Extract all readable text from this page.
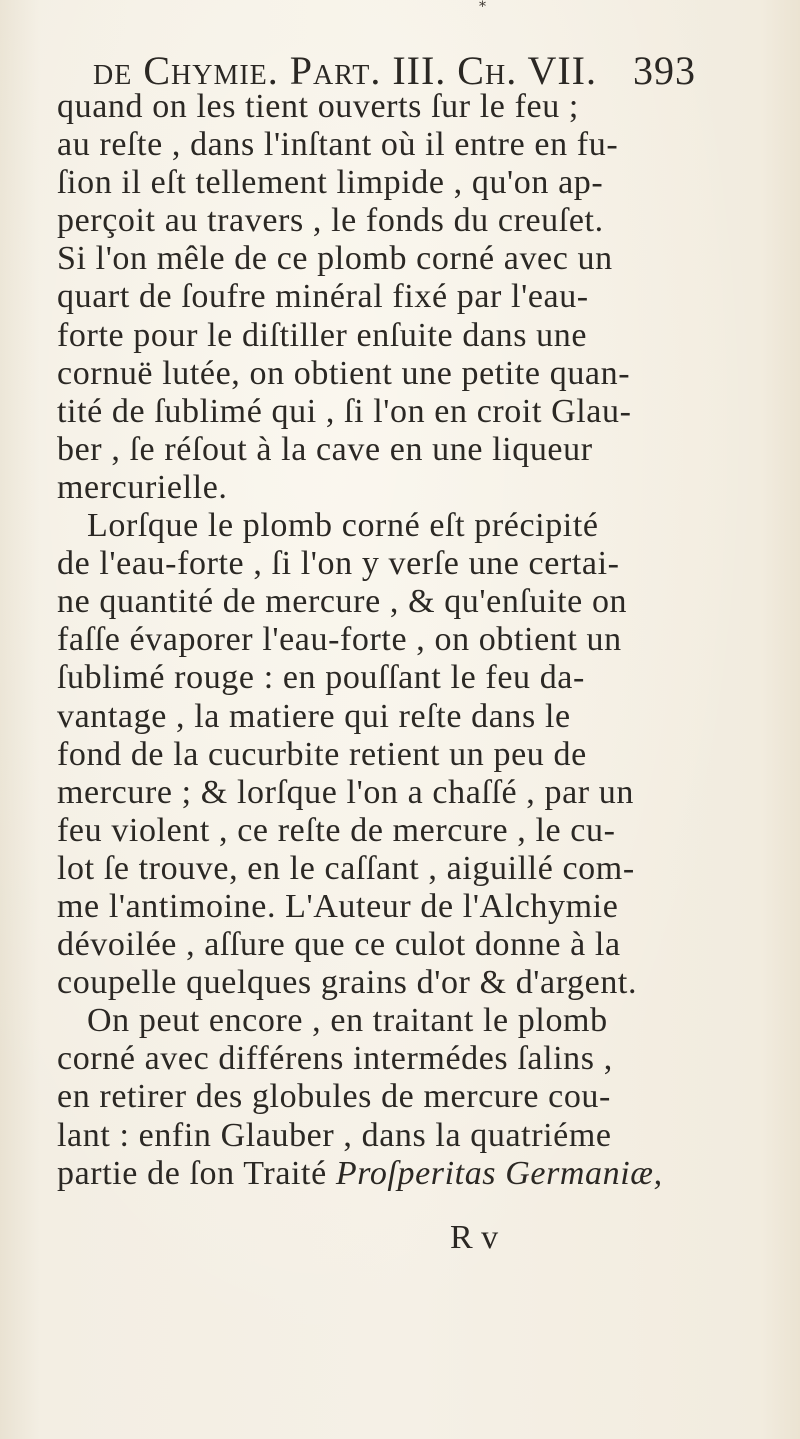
*
de Chymie. Part. III. Ch. VII. 393
quand on les tient ouverts ſur le feu ;
au reſte , dans l'inſtant où il entre en fu-
ſion il eſt tellement limpide , qu'on ap-
perçoit au travers , le fonds du creuſet.
Si l'on mêle de ce plomb corné avec un
quart de ſoufre minéral fixé par l'eau-
forte pour le diſtiller enſuite dans une
cornuë lutée, on obtient une petite quan-
tité de ſublimé qui , ſi l'on en croit Glau-
ber , ſe réſout à la cave en une liqueur
mercurielle.
Lorſque le plomb corné eſt précipité
de l'eau-forte , ſi l'on y verſe une certai-
ne quantité de mercure , & qu'enſuite on
faſſe évaporer l'eau-forte , on obtient un
ſublimé rouge : en pouſſant le feu da-
vantage , la matiere qui reſte dans le
fond de la cucurbite retient un peu de
mercure ; & lorſque l'on a chaſſé , par un
feu violent , ce reſte de mercure , le cu-
lot ſe trouve, en le caſſant , aiguillé com-
me l'antimoine. L'Auteur de l'Alchymie
dévoilée , aſſure que ce culot donne à la
coupelle quelques grains d'or & d'argent.
On peut encore , en traitant le plomb
corné avec différens intermédes ſalins ,
en retirer des globules de mercure cou-
lant : enfin Glauber , dans la quatriéme
partie de ſon Traité Proſperitas Germaniæ,
R v
